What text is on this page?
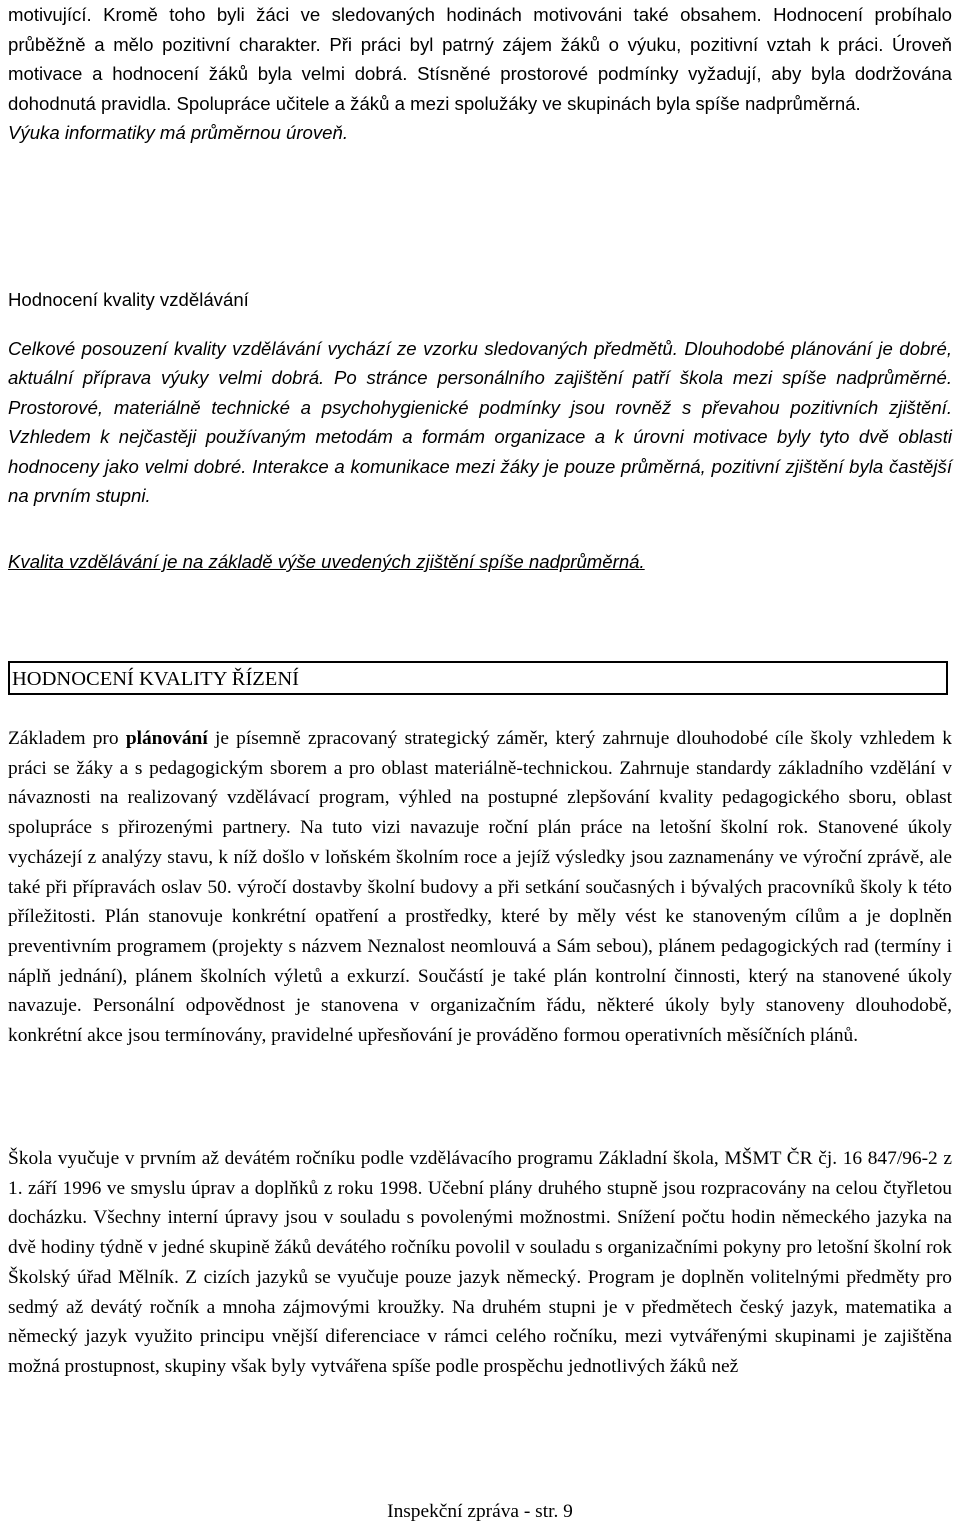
motivující. Kromě toho byli žáci ve sledovaných hodinách motivováni také obsahem. Hodnocení probíhalo průběžně a mělo pozitivní charakter. Při práci byl patrný zájem žáků o výuku, pozitivní vztah k práci. Úroveň motivace a hodnocení žáků byla velmi dobrá. Stísněné prostorové podmínky vyžadují, aby byla dodržována dohodnutá pravidla. Spolupráce učitele a žáků a mezi spolužáky ve skupinách byla spíše nadprůměrná.
Výuka informatiky má průměrnou úroveň.

Hodnocení kvality vzdělávání

Celkové posouzení kvality vzdělávání vychází ze vzorku sledovaných předmětů. Dlouhodobé plánování je dobré, aktuální příprava výuky velmi dobrá. Po stránce personálního zajištění patří škola mezi spíše nadprůměrné. Prostorové, materiálně technické a psychohygienické podmínky jsou rovněž s převahou pozitivních zjištění. Vzhledem k nejčastěji používaným metodám a formám organizace a k úrovni motivace byly tyto dvě oblasti hodnoceny jako velmi dobré. Interakce a komunikace mezi žáky je pouze průměrná, pozitivní zjištění byla častější na prvním stupni.

Kvalita vzdělávání je na základě výše uvedených zjištění spíše nadprůměrná.

HODNOCENÍ KVALITY ŘÍZENÍ

Základem pro plánování je písemně zpracovaný strategický záměr, který zahrnuje dlouhodobé cíle školy vzhledem k práci se žáky a s pedagogickým sborem a pro oblast materiálně-technickou. Zahrnuje standardy základního vzdělání v návaznosti na realizovaný vzdělávací program, výhled na postupné zlepšování kvality pedagogického sboru, oblast spolupráce s přirozenými partnery. Na tuto vizi navazuje roční plán práce na letošní školní rok. Stanovené úkoly vycházejí z analýzy stavu, k níž došlo v loňském školním roce a jejíž výsledky jsou zaznamenány ve výroční zprávě, ale také při přípravách oslav 50. výročí dostavby školní budovy a při setkání současných i bývalých pracovníků školy k této příležitosti. Plán stanovuje konkrétní opatření a prostředky, které by měly vést ke stanoveným cílům a je doplněn preventivním programem (projekty s názvem Neznalost neomlouvá a Sám sebou), plánem pedagogických rad (termíny i náplň jednání), plánem školních výletů a exkurzí. Součástí je také plán kontrolní činnosti, který na stanovené úkoly navazuje. Personální odpovědnost je stanovena v organizačním řádu, některé úkoly byly stanoveny dlouhodobě, konkrétní akce jsou termínovány, pravidelné upřesňování je prováděno formou operativních měsíčních plánů.

Škola vyučuje v prvním až devátém ročníku podle vzdělávacího programu Základní škola, MŠMT ČR čj. 16 847/96-2 z 1. září 1996 ve smyslu úprav a doplňků z roku 1998. Učební plány druhého stupně jsou rozpracovány na celou čtyřletou docházku. Všechny interní úpravy jsou v souladu s povolenými možnostmi. Snížení počtu hodin německého jazyka na dvě hodiny týdně v jedné skupině žáků devátého ročníku povolil v souladu s organizačními pokyny pro letošní školní rok Školský úřad Mělník. Z cizích jazyků se vyučuje pouze jazyk německý. Program je doplněn volitelnými předměty pro sedmý až devátý ročník a mnoha zájmovými kroužky. Na druhém stupni je v předmětech český jazyk, matematika a německý jazyk využito principu vnější diferenciace v rámci celého ročníku, mezi vytvářenými skupinami je zajištěna možná prostupnost, skupiny však byly vytvářena spíše podle prospěchu jednotlivých žáků než

Inspekční zpráva - str. 9
